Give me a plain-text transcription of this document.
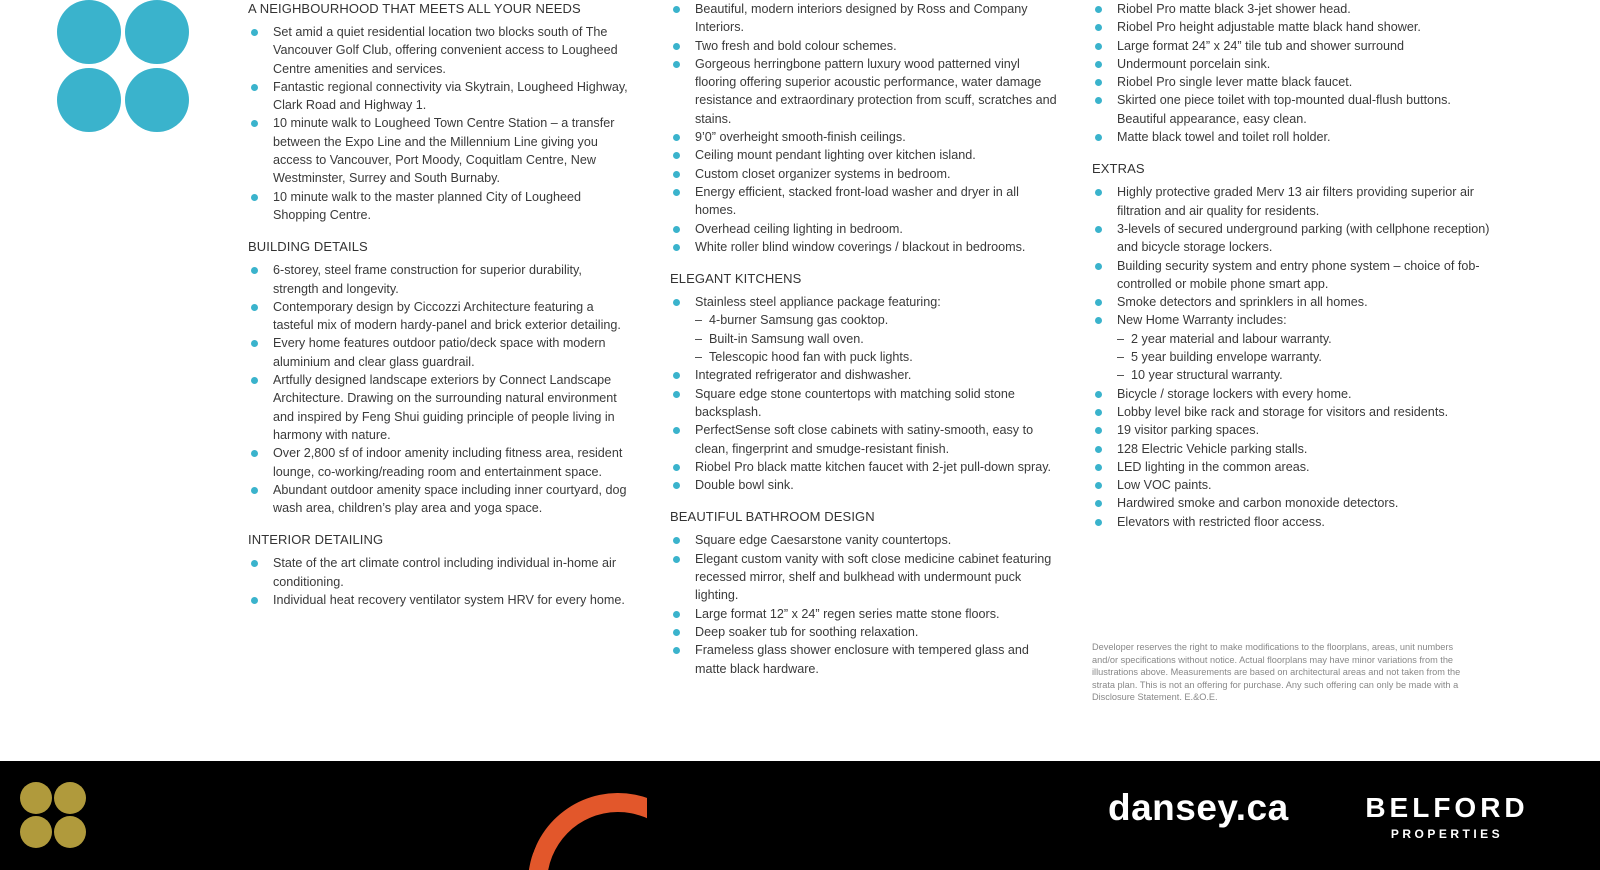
A NEIGHBOURHOOD THAT MEETS ALL YOUR NEEDS
Set amid a quiet residential location two blocks south of The Vancouver Golf Club, offering convenient access to Lougheed Centre amenities and services.
Fantastic regional connectivity via Skytrain, Lougheed Highway, Clark Road and Highway 1.
10 minute walk to Lougheed Town Centre Station – a transfer between the Expo Line and the Millennium Line giving you access to Vancouver, Port Moody, Coquitlam Centre, New Westminster, Surrey and South Burnaby.
10 minute walk to the master planned City of Lougheed Shopping Centre.
BUILDING DETAILS
6-storey, steel frame construction for superior durability, strength and longevity.
Contemporary design by Ciccozzi Architecture featuring a tasteful mix of modern hardy-panel and brick exterior detailing.
Every home features outdoor patio/deck space with modern aluminium and clear glass guardrail.
Artfully designed landscape exteriors by Connect Landscape Architecture. Drawing on the surrounding natural environment and inspired by Feng Shui guiding principle of people living in harmony with nature.
Over 2,800 sf of indoor amenity including fitness area, resident lounge, co-working/reading room and entertainment space.
Abundant outdoor amenity space including inner courtyard, dog wash area, children’s play area and yoga space.
INTERIOR DETAILING
State of the art climate control including individual in-home air conditioning.
Individual heat recovery ventilator system HRV for every home.
Beautiful, modern interiors designed by Ross and Company Interiors.
Two fresh and bold colour schemes.
Gorgeous herringbone pattern luxury wood patterned vinyl flooring offering superior acoustic performance, water damage resistance and extraordinary protection from scuff, scratches and stains.
9’0” overheight smooth-finish ceilings.
Ceiling mount pendant lighting over kitchen island.
Custom closet organizer systems in bedroom.
Energy efficient, stacked front-load washer and dryer in all homes.
Overhead ceiling lighting in bedroom.
White roller blind window coverings / blackout in bedrooms.
ELEGANT KITCHENS
Stainless steel appliance package featuring:
–  4-burner Samsung gas cooktop.
–  Built-in Samsung wall oven.
–  Telescopic hood fan with puck lights.
Integrated refrigerator and dishwasher.
Square edge stone countertops with matching solid stone backsplash.
PerfectSense soft close cabinets with satiny-smooth, easy to clean, fingerprint and smudge-resistant finish.
Riobel Pro black matte kitchen faucet with 2-jet pull-down spray.
Double bowl sink.
BEAUTIFUL BATHROOM DESIGN
Square edge Caesarstone vanity countertops.
Elegant custom vanity with soft close medicine cabinet featuring recessed mirror, shelf and bulkhead with undermount puck lighting.
Large format 12” x 24” regen series matte stone floors.
Deep soaker tub for soothing relaxation.
Frameless glass shower enclosure with tempered glass and matte black hardware.
Riobel Pro matte black 3-jet shower head.
Riobel Pro height adjustable matte black hand shower.
Large format 24” x 24” tile tub and shower surround
Undermount porcelain sink.
Riobel Pro single lever matte black faucet.
Skirted one piece toilet with top-mounted dual-flush buttons. Beautiful appearance, easy clean.
Matte black towel and toilet roll holder.
EXTRAS
Highly protective graded Merv 13 air filters providing superior air filtration and air quality for residents.
3-levels of secured underground parking (with cellphone reception) and bicycle storage lockers.
Building security system and entry phone system – choice of fob-controlled or mobile phone smart app.
Smoke detectors and sprinklers in all homes.
New Home Warranty includes:
–  2 year material and labour warranty.
–  5 year building envelope warranty.
–  10 year structural warranty.
Bicycle / storage lockers with every home.
Lobby level bike rack and storage for visitors and residents.
19 visitor parking spaces.
128 Electric Vehicle parking stalls.
LED lighting in the common areas.
Low VOC paints.
Hardwired smoke and carbon monoxide detectors.
Elevators with restricted floor access.
Developer reserves the right to make modifications to the floorplans, areas, unit numbers and/or specifications without notice. Actual floorplans may have minor variations from the illustrations above. Measurements are based on architectural areas and not taken from the strata plan. This is not an offering for purchase. Any such offering can only be made with a Disclosure Statement. E.&O.E.
dansey.ca	BELFORD
PROPERTIES
